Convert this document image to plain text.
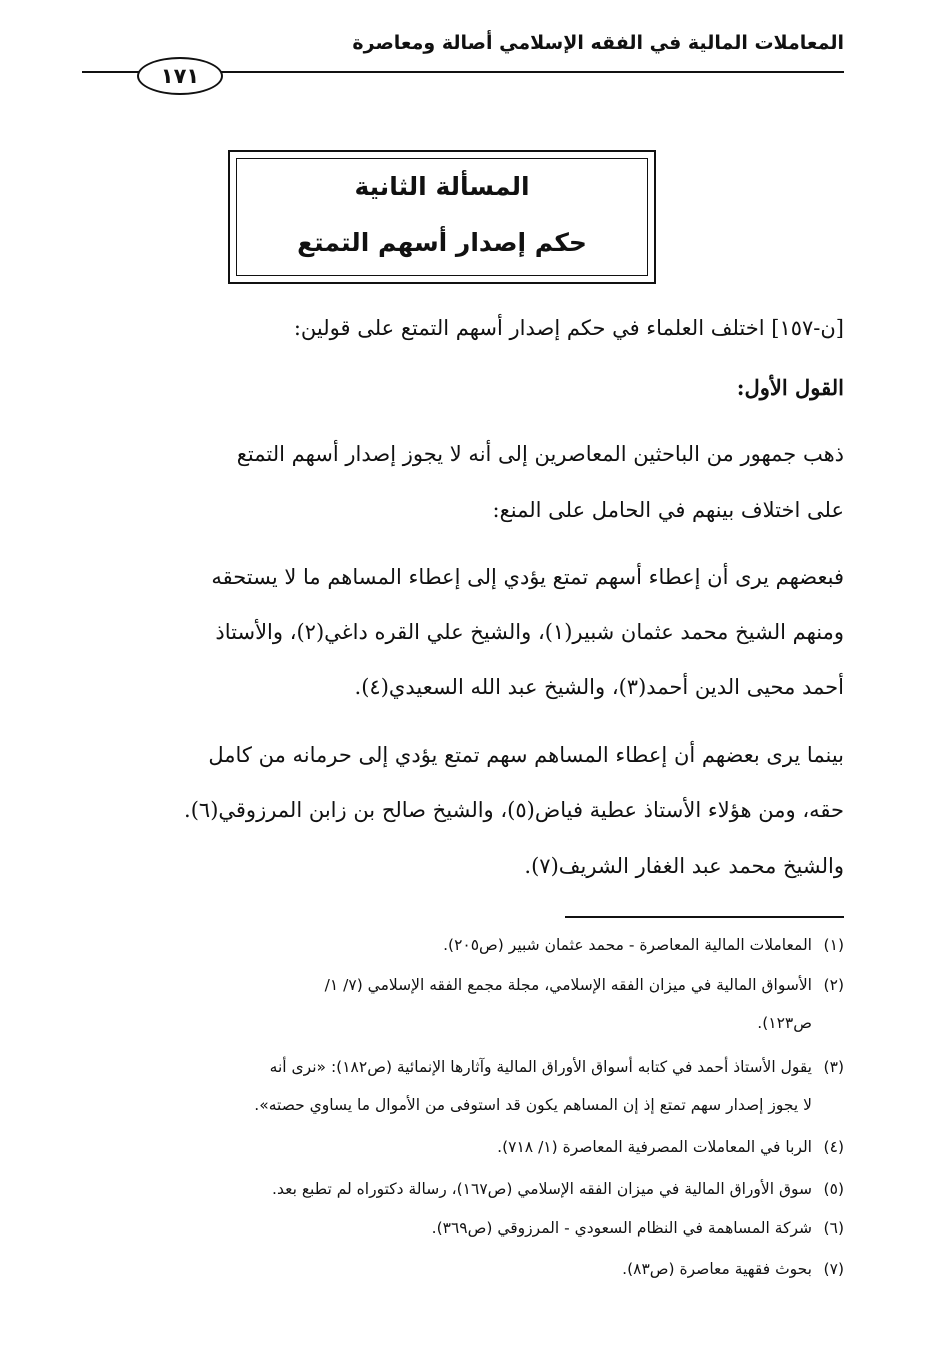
المعاملات المالية في الفقه الإسلامي أصالة ومعاصرة
١٧١
المسألة الثانية
حكم إصدار أسهم التمتع
[ن-١٥٧] اختلف العلماء في حكم إصدار أسهم التمتع على قولين:
القول الأول:
ذهب جمهور من الباحثين المعاصرين إلى أنه لا يجوز إصدار أسهم التمتع
على اختلاف بينهم في الحامل على المنع:
فبعضهم يرى أن إعطاء أسهم تمتع يؤدي إلى إعطاء المساهم ما لا يستحقه
ومنهم الشيخ محمد عثمان شبير(١)، والشيخ علي القره داغي(٢)، والأستاذ
أحمد محيى الدين أحمد(٣)، والشيخ عبد الله السعيدي(٤).
بينما يرى بعضهم أن إعطاء المساهم سهم تمتع يؤدي إلى حرمانه من كامل
حقه، ومن هؤلاء الأستاذ عطية فياض(٥)، والشيخ صالح بن زابن المرزوقي(٦).
والشيخ محمد عبد الغفار الشريف(٧).
(١)المعاملات المالية المعاصرة - محمد عثمان شبير (ص٢٠٥).
(٢)الأسواق المالية في ميزان الفقه الإسلامي، مجلة مجمع الفقه الإسلامي (٧/ ١/
ص١٢٣).
(٣)يقول الأستاذ أحمد في كتابه أسواق الأوراق المالية وآثارها الإنمائية (ص١٨٢): «نرى أنه
لا يجوز إصدار سهم تمتع إذ إن المساهم يكون قد استوفى من الأموال ما يساوي حصته».
(٤)الربا في المعاملات المصرفية المعاصرة (١/ ٧١٨).
(٥)سوق الأوراق المالية في ميزان الفقه الإسلامي (ص١٦٧)، رسالة دكتوراه لم تطبع بعد.
(٦)شركة المساهمة في النظام السعودي - المرزوقي (ص٣٦٩).
(٧)بحوث فقهية معاصرة (ص٨٣).
